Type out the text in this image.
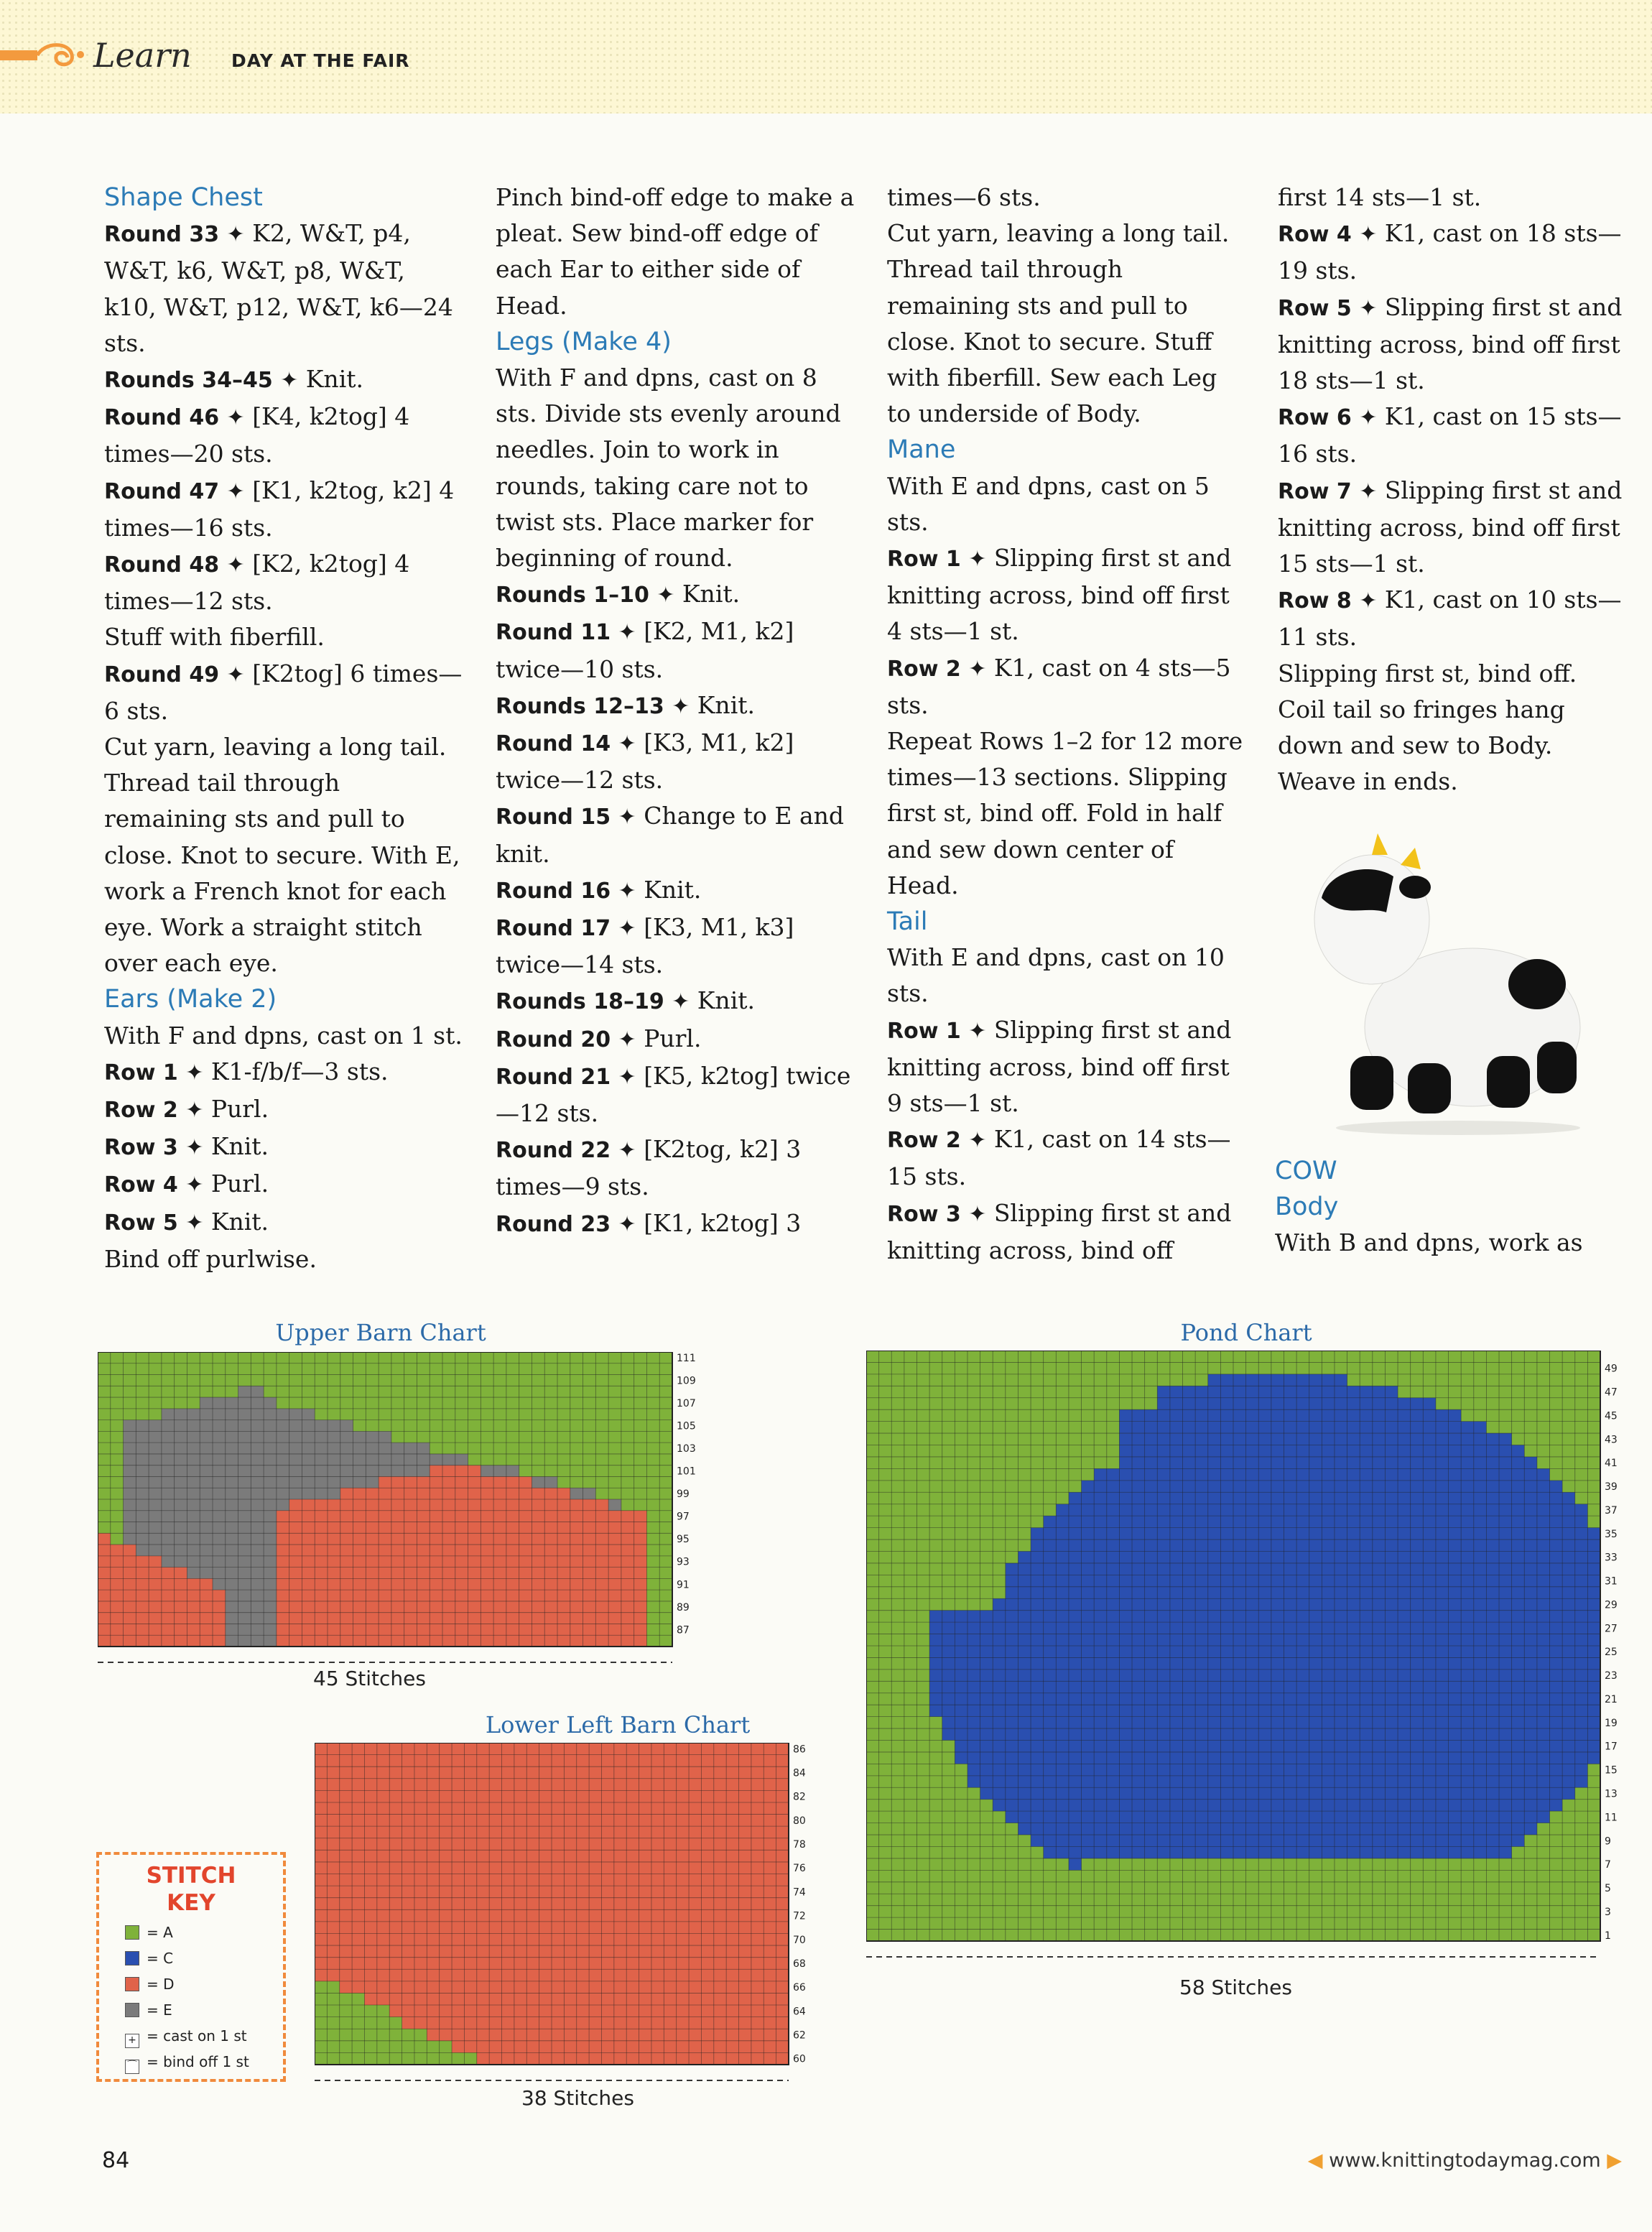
Learn DAY AT THE FAIR

Shape Chest

Round 33 ✦ K2, W&T, p4, W&T, k6, W&T, p8, W&T, k10, W&T, p12, W&T, k6—24 sts.

Rounds 34–45 ✦ Knit.

Round 46 ✦ [K4, k2tog] 4 times—20 sts.

Round 47 ✦ [K1, k2tog, k2] 4 times—16 sts.

Round 48 ✦ [K2, k2tog] 4 times—12 sts.

Stuff with fiberfill.

Round 49 ✦ [K2tog] 6 times—6 sts.

Cut yarn, leaving a long tail. Thread tail through remaining sts and pull to close. Knot to secure. With E, work a French knot for each eye. Work a straight stitch over each eye.

Ears (Make 2)

With F and dpns, cast on 1 st.

Row 1 ✦ K1-f/b/f—3 sts.

Row 2 ✦ Purl.

Row 3 ✦ Knit.

Row 4 ✦ Purl.

Row 5 ✦ Knit.

Bind off purlwise.

Pinch bind-off edge to make a pleat. Sew bind-off edge of each Ear to either side of Head.

Legs (Make 4)

With F and dpns, cast on 8 sts. Divide sts evenly around needles. Join to work in rounds, taking care not to twist sts. Place marker for beginning of round.

Rounds 1–10 ✦ Knit.

Round 11 ✦ [K2, M1, k2] twice—10 sts.

Rounds 12–13 ✦ Knit.

Round 14 ✦ [K3, M1, k2] twice—12 sts.

Round 15 ✦ Change to E and knit.

Round 16 ✦ Knit.

Round 17 ✦ [K3, M1, k3] twice—14 sts.

Rounds 18–19 ✦ Knit.

Round 20 ✦ Purl.

Round 21 ✦ [K5, k2tog] twice—12 sts.

Round 22 ✦ [K2tog, k2] 3 times—9 sts.

Round 23 ✦ [K1, k2tog] 3

times—6 sts.

Cut yarn, leaving a long tail. Thread tail through remaining sts and pull to close. Knot to secure. Stuff with fiberfill. Sew each Leg to underside of Body.

Mane

With E and dpns, cast on 5 sts.

Row 1 ✦ Slipping first st and knitting across, bind off first 4 sts—1 st.

Row 2 ✦ K1, cast on 4 sts—5 sts.

Repeat Rows 1–2 for 12 more times—13 sections. Slipping first st, bind off. Fold in half and sew down center of Head.

Tail

With E and dpns, cast on 10 sts.

Row 1 ✦ Slipping first st and knitting across, bind off first 9 sts—1 st.

Row 2 ✦ K1, cast on 14 sts—15 sts.

Row 3 ✦ Slipping first st and knitting across, bind off

first 14 sts—1 st.

Row 4 ✦ K1, cast on 18 sts—19 sts.

Row 5 ✦ Slipping first st and knitting across, bind off first 18 sts—1 st.

Row 6 ✦ K1, cast on 15 sts—16 sts.

Row 7 ✦ Slipping first st and knitting across, bind off first 15 sts—1 st.

Row 8 ✦ K1, cast on 10 sts—11 sts.

Slipping first st, bind off. Coil tail so fringes hang down and sew to Body. Weave in ends.

COW

Body

With B and dpns, work as

Upper Barn Chart
111
109
107
105
103
101
99
97
95
93
91
89
87
45 Stitches
Lower Left Barn Chart
86
84
82
80
78
76
74
72
70
68
66
64
62
60
38 Stitches
Pond Chart
49
47
45
43
41
39
37
35
33
31
29
27
25
23
21
19
17
15
13
11
9
7
5
3
1
58 Stitches
STITCH
KEY
= A
= C
= D
= E
+ = cast on 1 st
⌒ = bind off 1 st
84	◀ www.knittingtodaymag.com ▶
